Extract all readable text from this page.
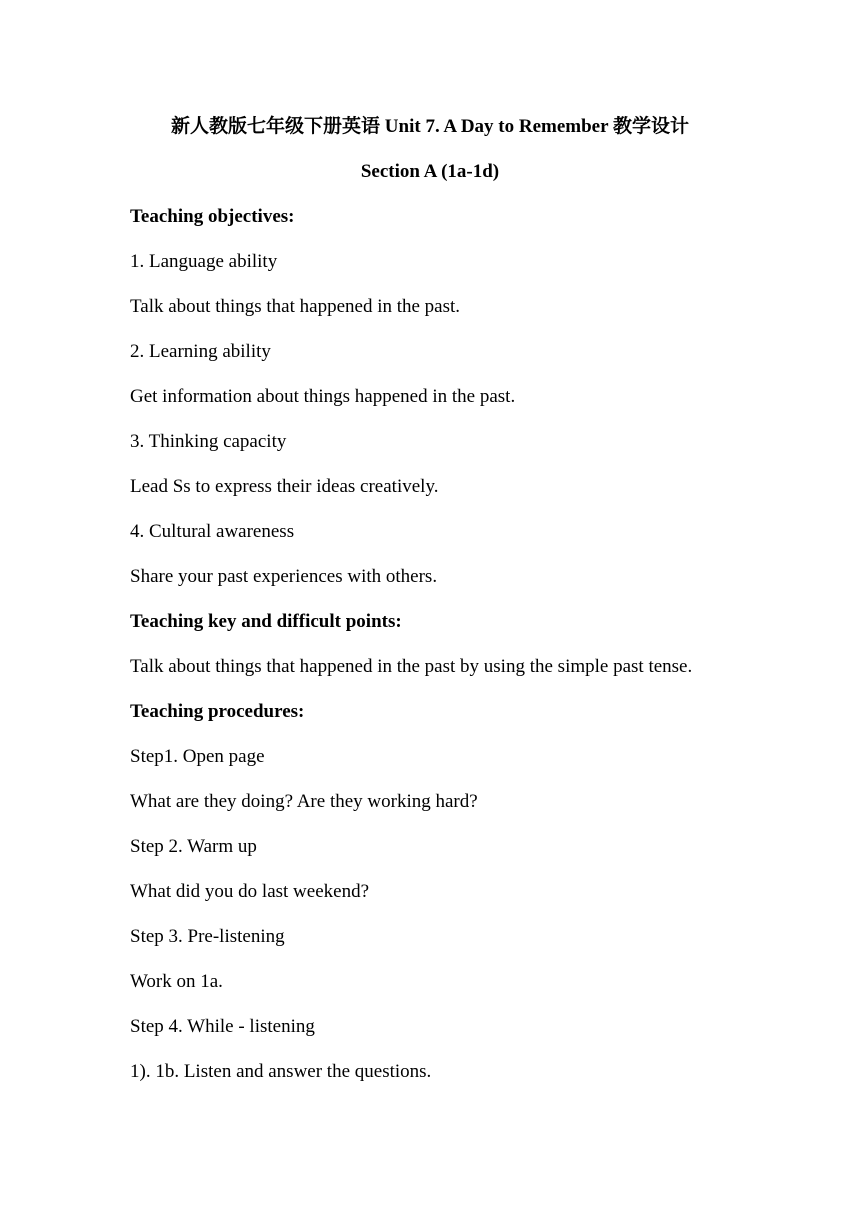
新人教版七年级下册英语 Unit 7. A Day to Remember 教学设计
Section A (1a-1d)
Teaching objectives:
1. Language ability
Talk about things that happened in the past.
2. Learning ability
Get information about things happened in the past.
3. Thinking capacity
Lead Ss to express their ideas creatively.
4. Cultural awareness
Share your past experiences with others.
Teaching key and difficult points:
Talk about things that happened in the past by using the simple past tense.
Teaching procedures:
Step1. Open page
What are they doing? Are they working hard?
Step 2. Warm up
What did you do last weekend?
Step 3. Pre-listening
Work on 1a.
Step 4. While - listening
1). 1b. Listen and answer the questions.
